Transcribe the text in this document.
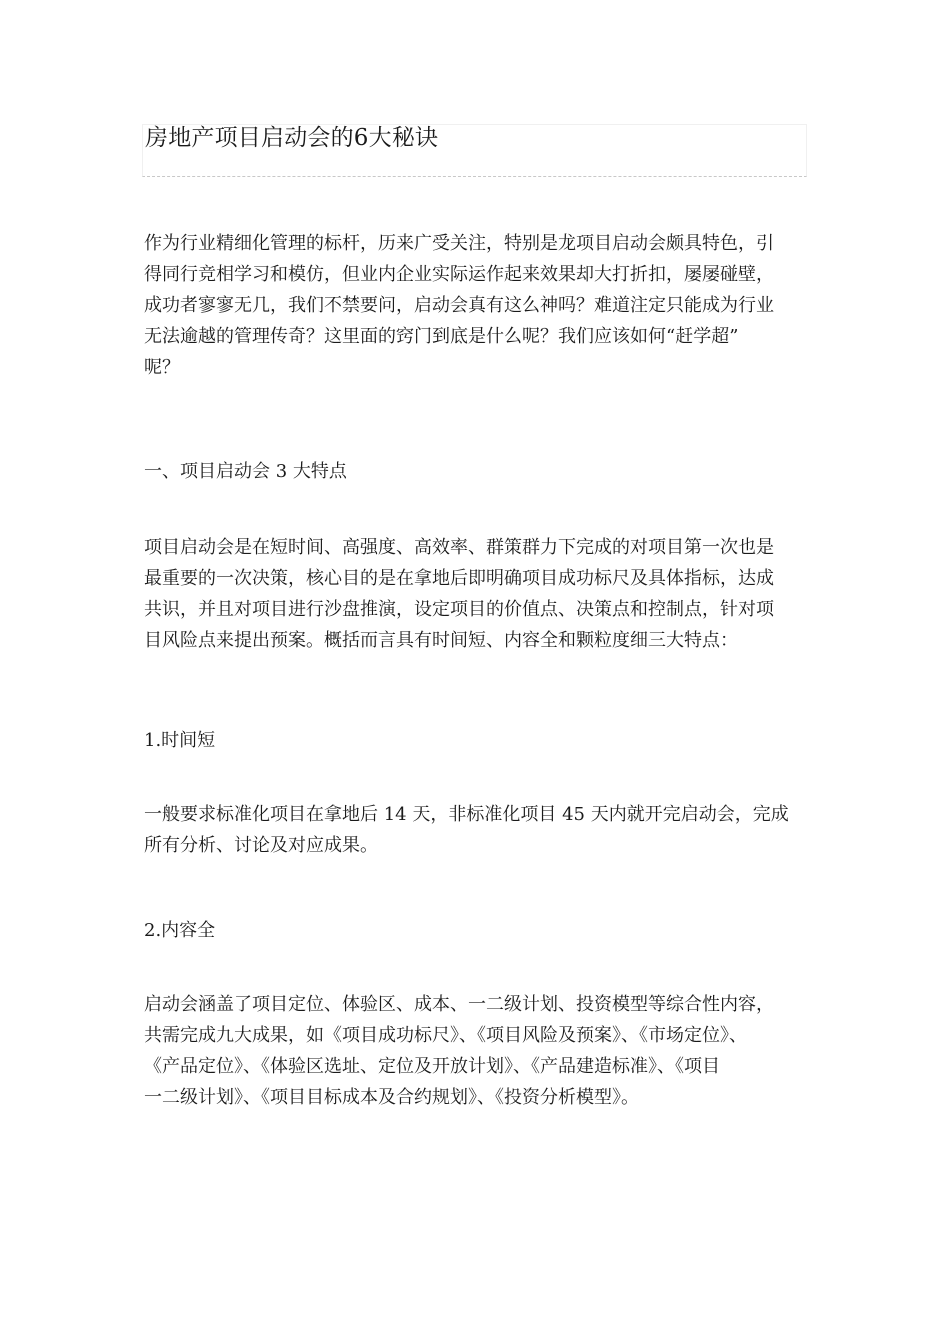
房地产项目启动会的6大秘诀

作为行业精细化管理的标杆，历来广受关注，特别是龙项目启动会颇具特色，引
得同行竞相学习和模仿，但业内企业实际运作起来效果却大打折扣，屡屡碰壁，
成功者寥寥无几，我们不禁要问，启动会真有这么神吗？难道注定只能成为行业
无法逾越的管理传奇？这里面的窍门到底是什么呢？我们应该如何“赶学超”
呢？

一、项目启动会 3 大特点

项目启动会是在短时间、高强度、高效率、群策群力下完成的对项目第一次也是
最重要的一次决策，核心目的是在拿地后即明确项目成功标尺及具体指标，达成
共识，并且对项目进行沙盘推演，设定项目的价值点、决策点和控制点，针对项
目风险点来提出预案。概括而言具有时间短、内容全和颗粒度细三大特点：

1.时间短

一般要求标准化项目在拿地后 14 天，非标准化项目 45 天内就开完启动会，完成
所有分析、讨论及对应成果。

2.内容全

启动会涵盖了项目定位、体验区、成本、一二级计划、投资模型等综合性内容，
共需完成九大成果，如《项目成功标尺》、《项目风险及预案》、《市场定位》、
《产品定位》、《体验区选址、定位及开放计划》、《产品建造标准》、《项目
一二级计划》、《项目目标成本及合约规划》、《投资分析模型》。
